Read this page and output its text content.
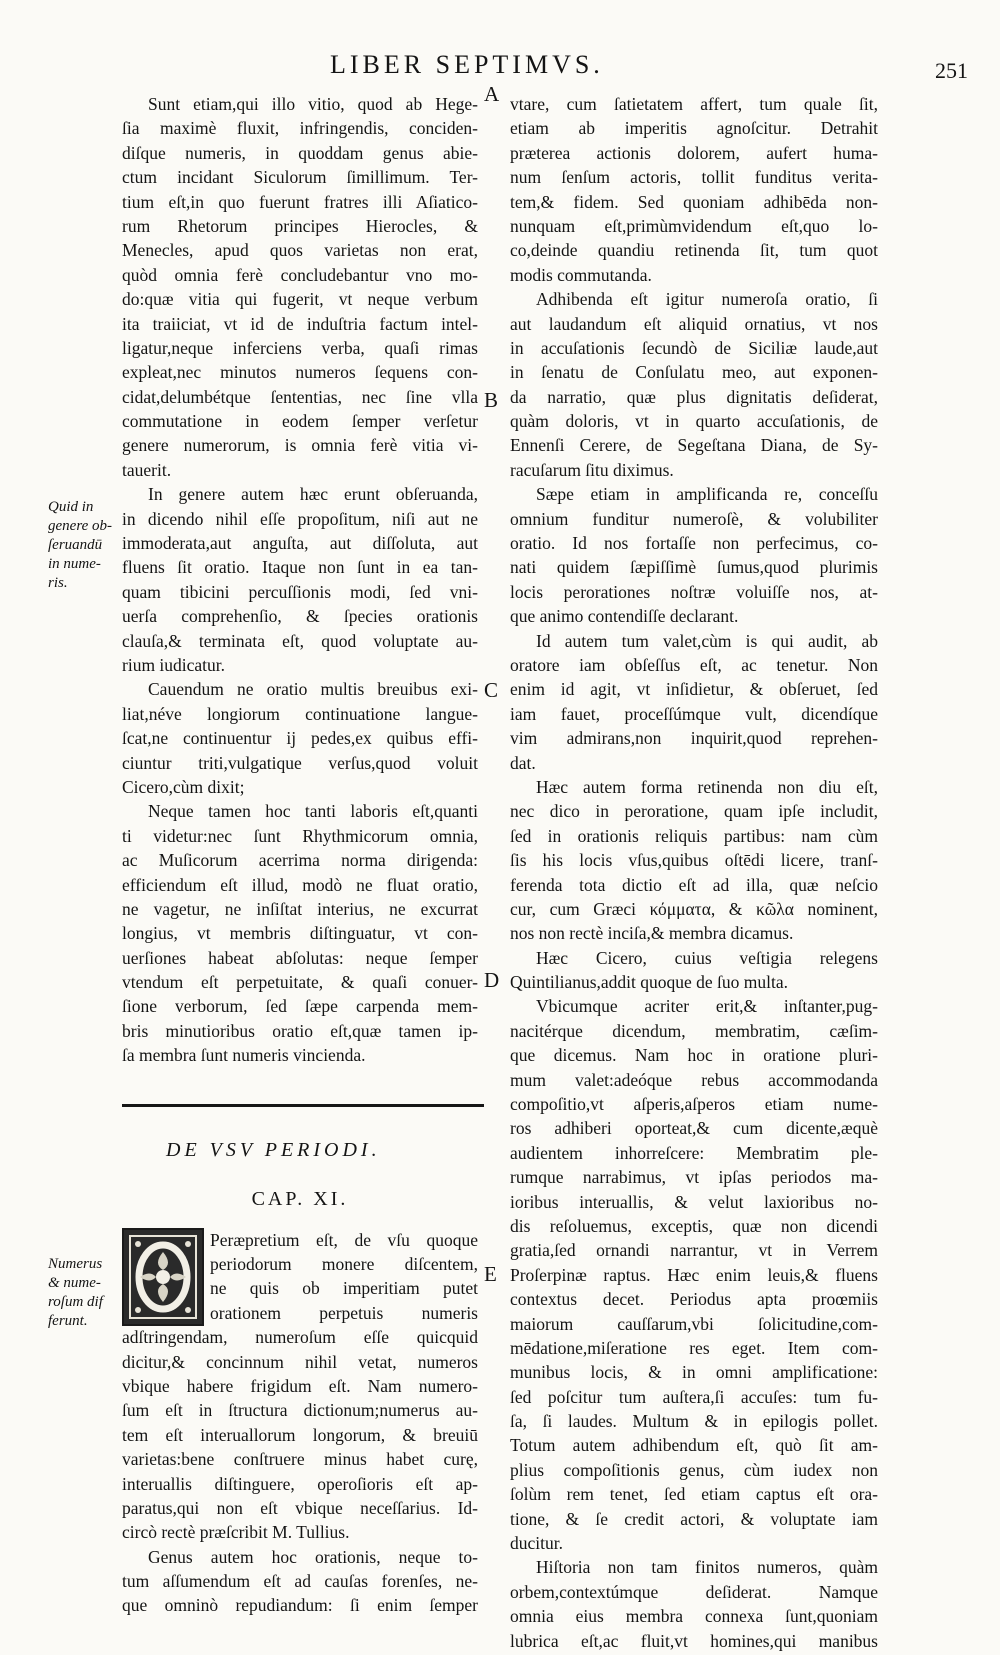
LIBER SEPTIMVS.	251
A
B
C
D
E
Quid in
genere ob-
ſeruandū
in nume-
ris.
Numerus
& nume-
roſum dif
ferunt.
Sunt etiam,qui illo vitio, quod ab Hege-
ſia maximè fluxit, infringendis, conciden-
diſque numeris, in quoddam genus abie-
ctum incidant Siculorum ſimillimum. Ter-
tium eſt,in quo fuerunt fratres illi Aſiatico-
rum Rhetorum principes Hierocles, &
Menecles, apud quos varietas non erat,
quòd omnia ferè concludebantur vno mo-
do:quæ vitia qui fugerit, vt neque verbum
ita traiiciat, vt id de induſtria factum intel-
ligatur,neque inferciens verba, quaſi rimas
expleat,nec minutos numeros ſequens con-
cidat,delumbétque ſententias, nec ſine vlla
commutatione in eodem ſemper verſetur
genere numerorum, is omnia ferè vitia vi-
tauerit.
In genere autem hæc erunt obſeruanda,
in dicendo nihil eſſe propoſitum, niſi aut ne
immoderata,aut anguſta, aut diſſoluta, aut
fluens ſit oratio. Itaque non ſunt in ea tan-
quam tibicini percuſſionis modi, ſed vni-
uerſa comprehenſio, & ſpecies orationis
clauſa,& terminata eſt, quod voluptate au-
rium iudicatur.
Cauendum ne oratio multis breuibus exi-
liat,néve longiorum continuatione langue-
ſcat,ne continuentur ij pedes,ex quibus effi-
ciuntur triti,vulgatique verſus,quod voluit
Cicero,cùm dixit;
Neque tamen hoc tanti laboris eſt,quanti
ti videtur:nec ſunt Rhythmicorum omnia,
ac Muſicorum acerrima norma dirigenda:
efficiendum eſt illud, modò ne fluat oratio,
ne vagetur, ne inſiſtat interius, ne excurrat
longius, vt membris diſtinguatur, vt con-
uerſiones habeat abſolutas: neque ſemper
vtendum eſt perpetuitate, & quaſi conuer-
ſione verborum, ſed ſæpe carpenda mem-
bris minutioribus oratio eſt,quæ tamen ip-
ſa membra ſunt numeris vincienda.
DE VSV PERIODI.
CAP. XI.
Peræpretium eſt, de vſu quoque
periodorum monere diſcentem,
ne quis ob imperitiam putet
orationem perpetuis numeris
adſtringendam, numeroſum eſſe quicquid
dicitur,& concinnum nihil vetat, numeros
vbique habere frigidum eſt. Nam numero-
ſum eſt in ſtructura dictionum;numerus au-
tem eſt interuallorum longorum, & breuiū
varietas:bene conſtruere minus habet curę,
interuallis diſtinguere, operoſioris eſt ap-
paratus,qui non eſt vbique neceſſarius. Id-
circò rectè præſcribit M. Tullius.
Genus autem hoc orationis, neque to-
tum aſſumendum eſt ad cauſas forenſes, ne-
que omninò repudiandum: ſi enim ſemper
vtare, cum ſatietatem affert, tum quale ſit,
etiam ab imperitis agnoſcitur. Detrahit
præterea actionis dolorem, aufert huma-
num ſenſum actoris, tollit funditus verita-
tem,& fidem. Sed quoniam adhibēda non-
nunquam eſt,primùmvidendum eſt,quo lo-
co,deinde quandiu retinenda ſit, tum quot
modis commutanda.
Adhibenda eſt igitur numeroſa oratio, ſi
aut laudandum eſt aliquid ornatius, vt nos
in accuſationis ſecundò de Siciliæ laude,aut
in ſenatu de Conſulatu meo, aut exponen-
da narratio, quæ plus dignitatis deſiderat,
quàm doloris, vt in quarto accuſationis, de
Ennenſi Cerere, de Segeſtana Diana, de Sy-
racuſarum ſitu diximus.
Sæpe etiam in amplificanda re, conceſſu
omnium funditur numeroſè, & volubiliter
oratio. Id nos fortaſſe non perfecimus, co-
nati quidem ſæpiſſimè ſumus,quod plurimis
locis perorationes noſtræ voluiſſe nos, at-
que animo contendiſſe declarant.
Id autem tum valet,cùm is qui audit, ab
oratore iam obſeſſus eſt, ac tenetur. Non
enim id agit, vt inſidietur, & obſeruet, ſed
iam fauet, proceſſúmque vult, dicendíque
vim admirans,non inquirit,quod reprehen-
dat.
Hæc autem forma retinenda non diu eſt,
nec dico in peroratione, quam ipſe includit,
ſed in orationis reliquis partibus: nam cùm
ſis his locis vſus,quibus oſtēdi licere, tranſ-
ferenda tota dictio eſt ad illa, quæ neſcio
cur, cum Græci κόμματα, & κῶλα nominent,
nos non rectè inciſa,& membra dicamus.
Hæc Cicero, cuius veſtigia relegens
Quintilianus,addit quoque de ſuo multa.
Vbicumque acriter erit,& inſtanter,pug-
nacitérque dicendum, membratim, cæſim-
que dicemus. Nam hoc in oratione pluri-
mum valet:adeóque rebus accommodanda
compoſitio,vt aſperis,aſperos etiam nume-
ros adhiberi oporteat,& cum dicente,æquè
audientem inhorreſcere: Membratim ple-
rumque narrabimus, vt ipſas periodos ma-
ioribus interuallis, & velut laxioribus no-
dis reſoluemus, exceptis, quæ non dicendi
gratia,ſed ornandi narrantur, vt in Verrem
Proſerpinæ raptus. Hæc enim leuis,& fluens
contextus decet. Periodus apta proœmiis
maiorum cauſſarum,vbi ſolicitudine,com-
mēdatione,miſeratione res eget. Item com-
munibus locis, & in omni amplificatione:
ſed poſcitur tum auſtera,ſi accuſes: tum fu-
ſa, ſi laudes. Multum & in epilogis pollet.
Totum autem adhibendum eſt, quò ſit am-
plius compoſitionis genus, cùm iudex non
ſolùm rem tenet, ſed etiam captus eſt ora-
tione, & ſe credit actori, & voluptate iam
ducitur.
Hiſtoria non tam finitos numeros, quàm
orbem,contextúmque deſiderat. Namque
omnia eius membra connexa ſunt,quoniam
lubrica eſt,ac fluit,vt homines,qui manibus
